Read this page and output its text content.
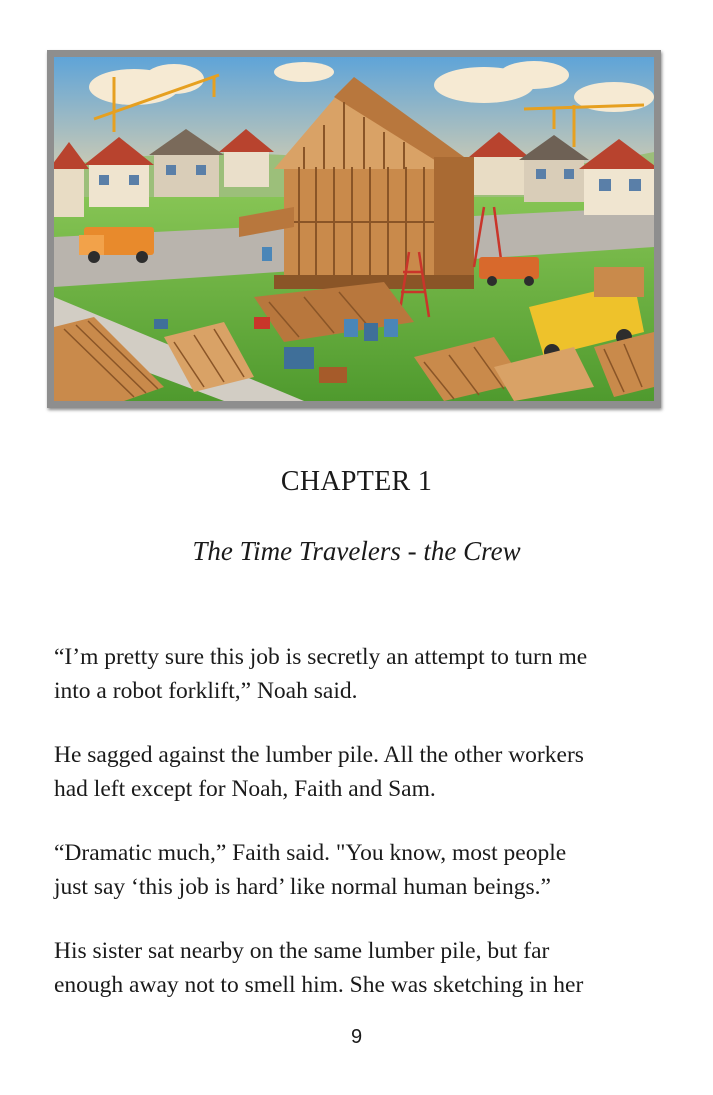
CHAPTER 1
The Time Travelers - the Crew

“I’m pretty sure this job is secretly an attempt to turn me
into a robot forklift,” Noah said.

He sagged against the lumber pile. All the other workers
had left except for Noah, Faith and Sam.

“Dramatic much,” Faith said. "You know, most people
just say ‘this job is hard’ like normal human beings.”

His sister sat nearby on the same lumber pile, but far
enough away not to smell him. She was sketching in her

9
